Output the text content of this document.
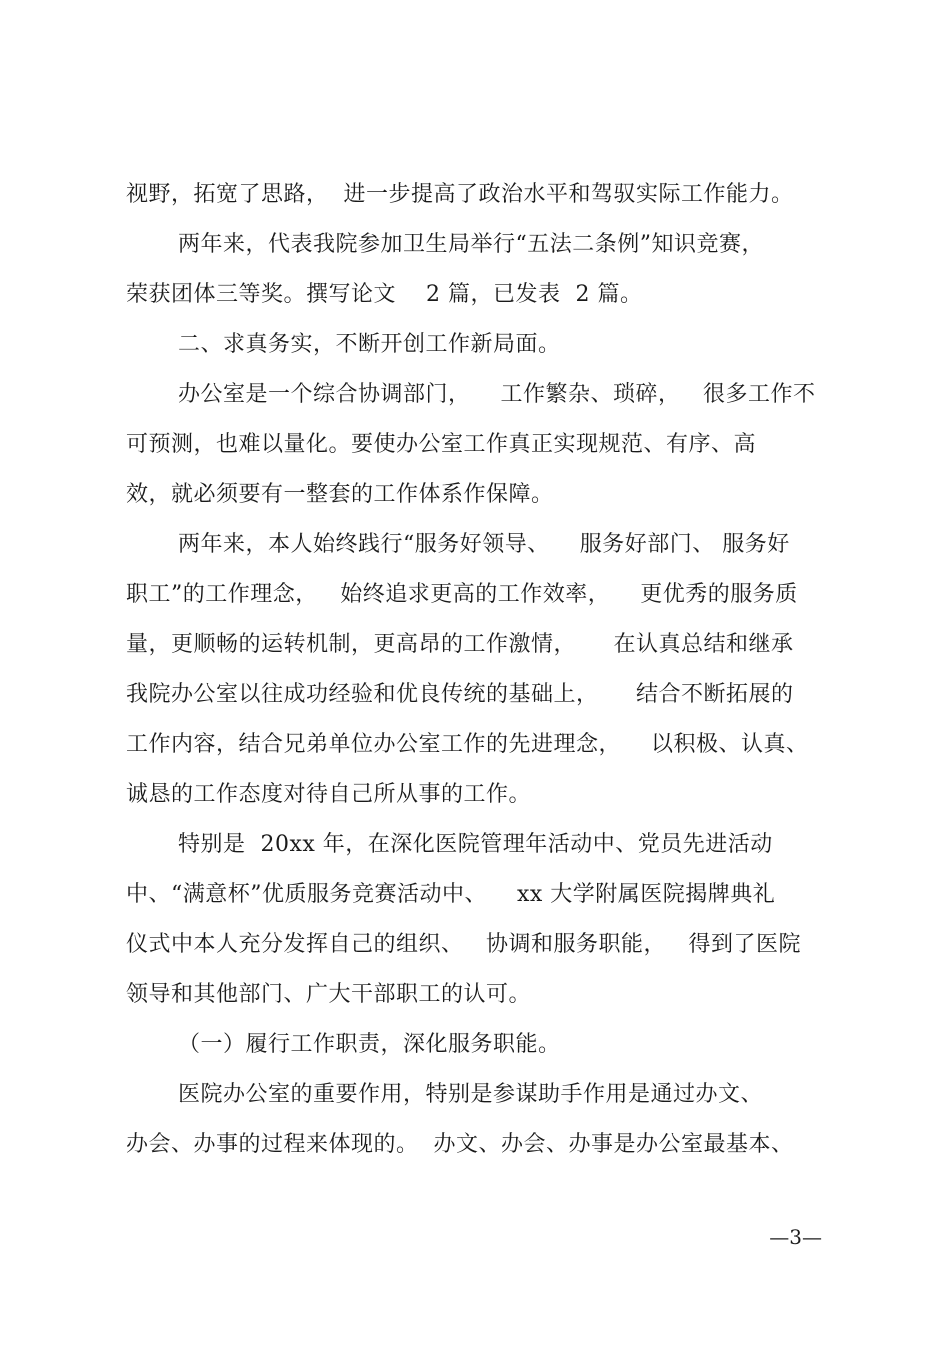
视野，拓宽了思路，  进一步提高了政治水平和驾驭实际工作能力。
两年来，代表我院参加卫生局举行“五法二条例”知识竞赛，
荣获团体三等奖。撰写论文    2 篇，已发表  2 篇。
二、求真务实，不断开创工作新局面。
办公室是一个综合协调部门，    工作繁杂、琐碎，   很多工作不
可预测，也难以量化。要使办公室工作真正实现规范、有序、高
效，就必须要有一整套的工作体系作保障。
两年来，本人始终践行“服务好领导、    服务好部门、 服务好
职工”的工作理念，   始终追求更高的工作效率，    更优秀的服务质
量，更顺畅的运转机制，更高昂的工作激情，     在认真总结和继承
我院办公室以往成功经验和优良传统的基础上，     结合不断拓展的
工作内容，结合兄弟单位办公室工作的先进理念，    以积极、认真、
诚恳的工作态度对待自己所从事的工作。
特别是  20xx 年，在深化医院管理年活动中、党员先进活动
中、“满意杯”优质服务竞赛活动中、    xx 大学附属医院揭牌典礼
仪式中本人充分发挥自己的组织、   协调和服务职能，   得到了医院
领导和其他部门、广大干部职工的认可。
（一）履行工作职责，深化服务职能。
医院办公室的重要作用，特别是参谋助手作用是通过办文、
办会、办事的过程来体现的。  办文、办会、办事是办公室最基本、
—3—
